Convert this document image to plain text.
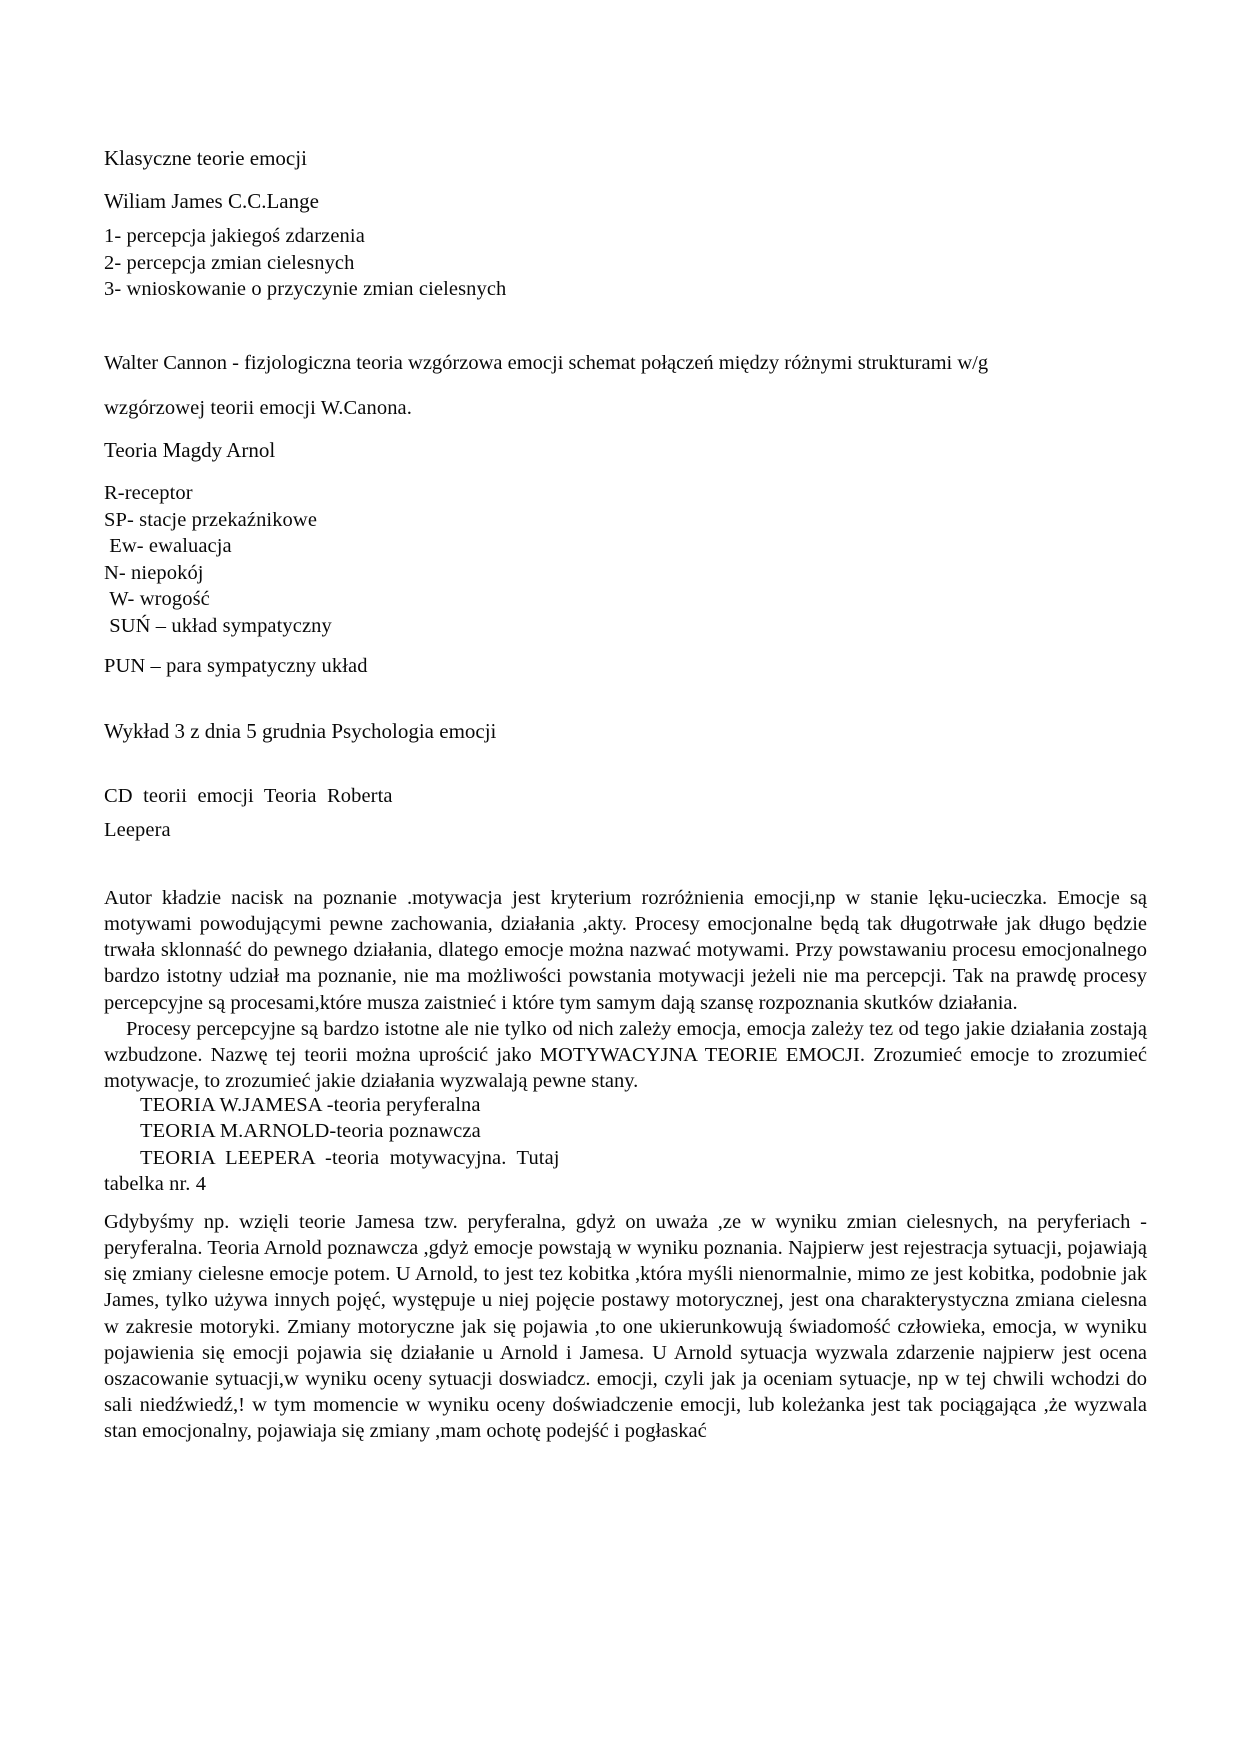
Klasyczne teorie emocji
Wiliam James C.C.Lange
1- percepcja jakiegoś zdarzenia
2- percepcja zmian cielesnych
3- wnioskowanie o przyczynie zmian cielesnych
Walter Cannon - fizjologiczna teoria wzgórzowa emocji schemat połączeń między różnymi strukturami w/g
wzgórzowej teorii emocji W.Canona.
Teoria Magdy Arnol
R-receptor
SP- stacje przekaźnikowe
Ew- ewaluacja
N- niepokój
W- wrogość
SUŃ – układ sympatyczny
PUN – para sympatyczny układ
Wykład 3 z dnia 5 grudnia Psychologia emocji
CD  teorii  emocji  Teoria  Roberta
Leepera
Autor kładzie nacisk na poznanie .motywacja jest kryterium rozróżnienia emocji,np w stanie lęku-ucieczka. Emocje są motywami powodującymi pewne zachowania, działania ,akty. Procesy emocjonalne będą tak długotrwałe jak długo będzie trwała sklonnaść do pewnego działania, dlatego emocje można nazwać motywami. Przy powstawaniu procesu emocjonalnego bardzo istotny udział ma poznanie, nie ma możliwości powstania motywacji jeżeli nie ma percepcji. Tak na prawdę procesy percepcyjne są procesami,które musza zaistnieć i które tym samym dają szansę rozpoznania skutków działania.
Procesy percepcyjne są bardzo istotne ale nie tylko od nich zależy emocja, emocja zależy tez od tego jakie działania zostają wzbudzone. Nazwę tej teorii można uprościć jako MOTYWACYJNA TEORIE EMOCJI. Zrozumieć emocje to zrozumieć motywacje, to zrozumieć jakie działania wyzwalają pewne stany.
TEORIA W.JAMESA -teoria peryferalna
TEORIA M.ARNOLD-teoria poznawcza
TEORIA  LEEPERA  -teoria  motywacyjna.  Tutaj
tabelka nr. 4
Gdybyśmy np. wzięli teorie Jamesa tzw. peryferalna, gdyż on uważa ,ze w wyniku zmian cielesnych, na peryferiach -peryferalna. Teoria Arnold poznawcza ,gdyż emocje powstają w wyniku poznania. Najpierw jest rejestracja sytuacji, pojawiają się zmiany cielesne emocje potem. U Arnold, to jest tez kobitka ,która myśli nienormalnie, mimo ze jest kobitka, podobnie jak James, tylko używa innych pojęć, występuje u niej pojęcie postawy motorycznej, jest ona charakterystyczna zmiana cielesna w zakresie motoryki. Zmiany motoryczne jak się pojawia ,to one ukierunkowują świadomość człowieka, emocja, w wyniku pojawienia się emocji pojawia się działanie u Arnold i Jamesa. U Arnold sytuacja wyzwala zdarzenie najpierw jest ocena oszacowanie sytuacji,w wyniku oceny sytuacji doswiadcz. emocji, czyli jak ja oceniam sytuacje, np w tej chwili wchodzi do sali niedźwiedź,! w tym momencie w wyniku oceny doświadczenie emocji, lub koleżanka jest tak pociągająca ,że wyzwala stan emocjonalny, pojawiaja się zmiany ,mam ochotę podejść i pogłaskać
